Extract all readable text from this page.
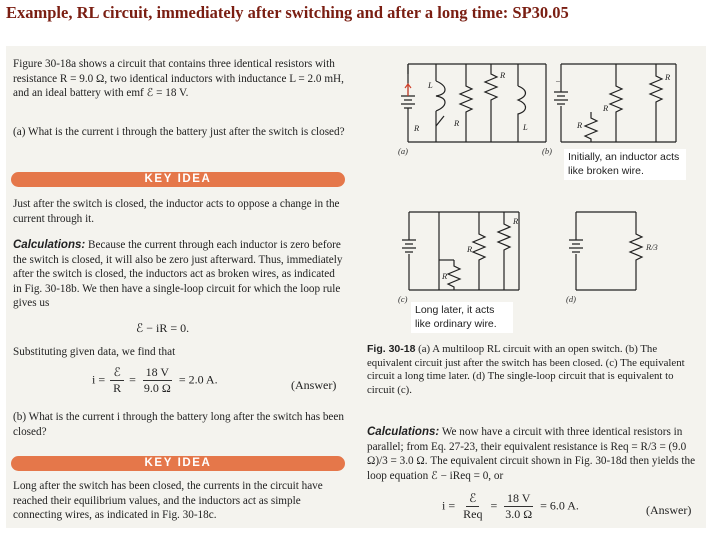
Example, RL circuit, immediately after switching and after a long time: SP30.05
Figure 30-18a shows a circuit that contains three identical resistors with resistance R = 9.0 Ω, two identical inductors with inductance L = 2.0 mH, and an ideal battery with emf ℰ = 18 V.
(a) What is the current i through the battery just after the switch is closed?
KEY IDEA
Just after the switch is closed, the inductor acts to oppose a change in the current through it.
Calculations: Because the current through each inductor is zero before the switch is closed, it will also be zero just afterward. Thus, immediately after the switch is closed, the inductors act as broken wires, as indicated in Fig. 30-18b. We then have a single-loop circuit for which the loop rule gives us
ℰ − iR = 0.
Substituting given data, we find that
$i = \frac{\text{ℰ}}{R} = \frac{18 V}{9.0 \Omega} = 2.0$ A.	(Answer)
(b) What is the current i through the battery long after the switch has been closed?
KEY IDEA
Long after the switch has been closed, the currents in the circuit have reached their equilibrium values, and the inductors act as simple connecting wires, as indicated in Fig. 30-18c.
L
R
R
L
R
(a)
R
R
R
−
(b)	Initially, an inductor acts like broken wire.
R
R
R
(c)
Long later, it acts like ordinary wire.
R/3
(d)
Fig. 30-18 (a) A multiloop RL circuit with an open switch. (b) The equivalent circuit just after the switch has been closed. (c) The equivalent circuit a long time later. (d) The single-loop circuit that is equivalent to circuit (c).
Calculations: We now have a circuit with three identical resistors in parallel; from Eq. 27-23, their equivalent resistance is Req = R/3 = (9.0 Ω)/3 = 3.0 Ω. The equivalent circuit shown in Fig. 30-18d then yields the loop equation ℰ − iReq = 0, or
$i = \frac{\text{ℰ}}{\text{Req}} = \frac{18 V}{3.0 \Omega} = 6.0$ A.	(Answer)
